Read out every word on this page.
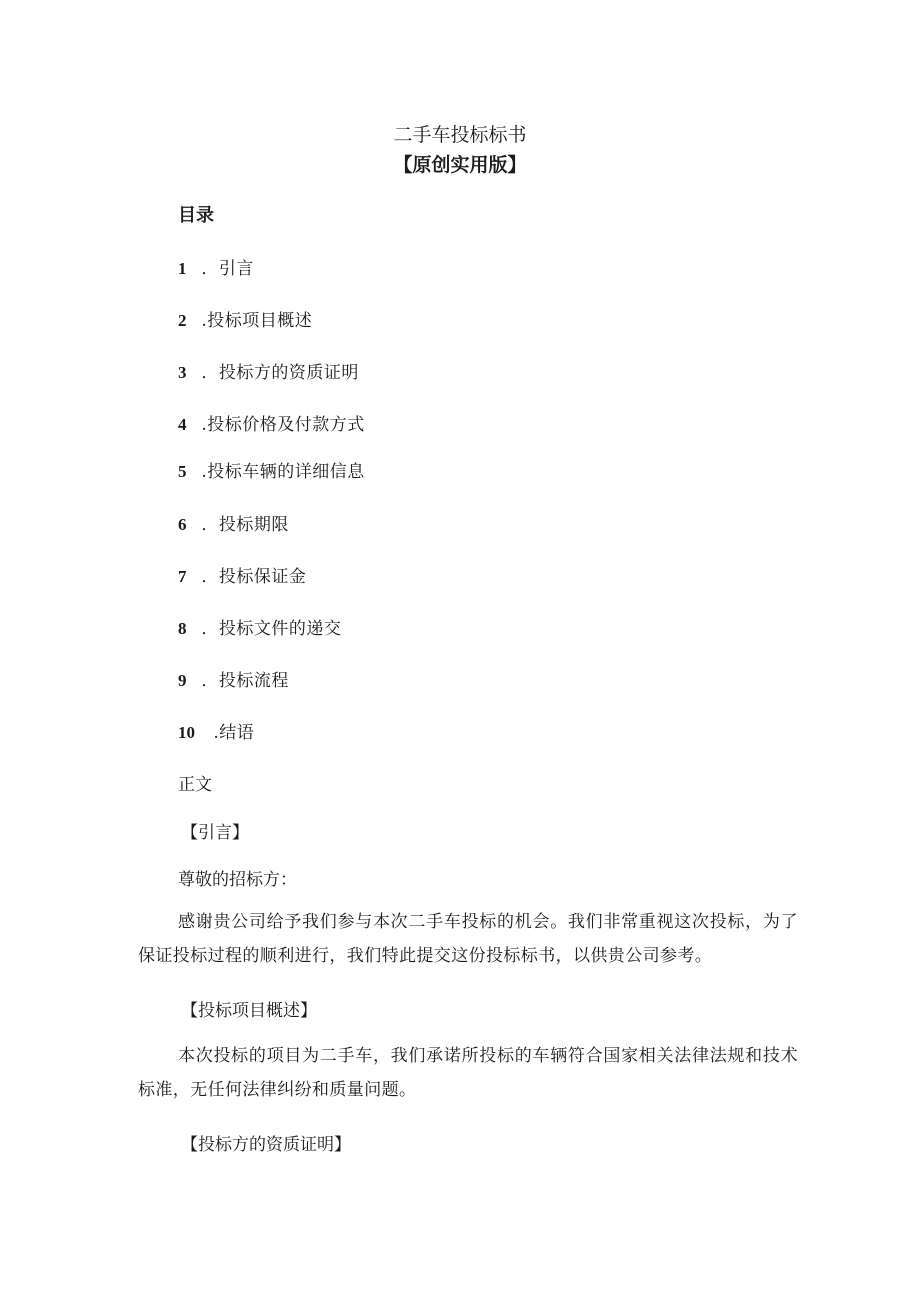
二手车投标标书
【原创实用版】
目录
1 ．引言
2 .投标项目概述
3 ．投标方的资质证明
4 .投标价格及付款方式
5 .投标车辆的详细信息
6 ．投标期限
7 ．投标保证金
8 ．投标文件的递交
9 ．投标流程
10 .结语
正文
【引言】
尊敬的招标方：
感谢贵公司给予我们参与本次二手车投标的机会。我们非常重视这次投标，为了保证投标过程的顺利进行，我们特此提交这份投标标书，以供贵公司参考。
【投标项目概述】
本次投标的项目为二手车，我们承诺所投标的车辆符合国家相关法律法规和技术标准，无任何法律纠纷和质量问题。
【投标方的资质证明】
